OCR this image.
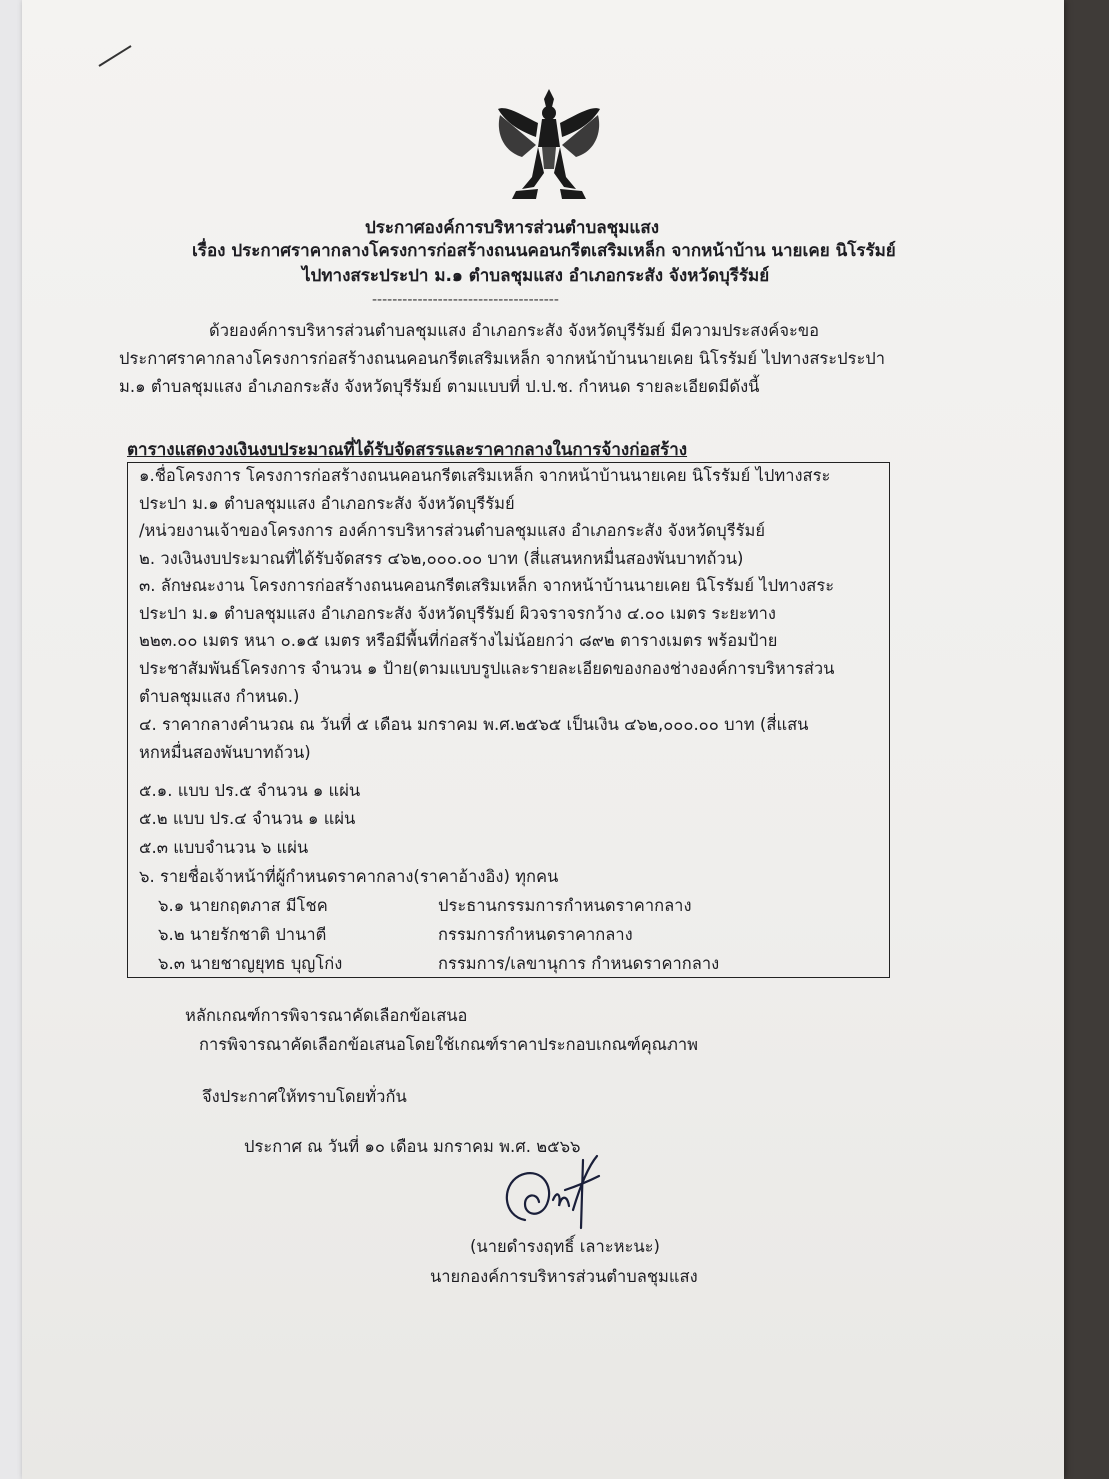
ประกาศองค์การบริหารส่วนตำบลชุมแสง
เรื่อง ประกาศราคากลางโครงการก่อสร้างถนนคอนกรีตเสริมเหล็ก จากหน้าบ้าน นายเคย นิโรรัมย์
ไปทางสระประปา ม.๑ ตำบลชุมแสง อำเภอกระสัง จังหวัดบุรีรัมย์
-------------------------------------
ด้วยองค์การบริหารส่วนตำบลชุมแสง อำเภอกระสัง จังหวัดบุรีรัมย์ มีความประสงค์จะขอ
ประกาศราคากลางโครงการก่อสร้างถนนคอนกรีตเสริมเหล็ก จากหน้าบ้านนายเคย นิโรรัมย์ ไปทางสระประปา
ม.๑ ตำบลชุมแสง อำเภอกระสัง จังหวัดบุรีรัมย์ ตามแบบที่ ป.ป.ช. กำหนด รายละเอียดมีดังนี้
ตารางแสดงวงเงินงบประมาณที่ได้รับจัดสรรและราคากลางในการจ้างก่อสร้าง
๑.ชื่อโครงการ โครงการก่อสร้างถนนคอนกรีตเสริมเหล็ก จากหน้าบ้านนายเคย นิโรรัมย์ ไปทางสระ
ประปา ม.๑ ตำบลชุมแสง อำเภอกระสัง จังหวัดบุรีรัมย์
/หน่วยงานเจ้าของโครงการ องค์การบริหารส่วนตำบลชุมแสง อำเภอกระสัง จังหวัดบุรีรัมย์
๒. วงเงินงบประมาณที่ได้รับจัดสรร ๔๖๒,๐๐๐.๐๐ บาท (สี่แสนหกหมื่นสองพันบาทถ้วน)
๓. ลักษณะงาน โครงการก่อสร้างถนนคอนกรีตเสริมเหล็ก จากหน้าบ้านนายเคย นิโรรัมย์ ไปทางสระ
ประปา ม.๑ ตำบลชุมแสง อำเภอกระสัง จังหวัดบุรีรัมย์ ผิวจราจรกว้าง ๔.๐๐ เมตร ระยะทาง
๒๒๓.๐๐ เมตร หนา ๐.๑๕ เมตร หรือมีพื้นที่ก่อสร้างไม่น้อยกว่า ๘๙๒ ตารางเมตร พร้อมป้าย
ประชาสัมพันธ์โครงการ จำนวน ๑ ป้าย(ตามแบบรูปและรายละเอียดของกองช่างองค์การบริหารส่วน
ตำบลชุมแสง กำหนด.)
๔. ราคากลางคำนวณ ณ วันที่ ๕ เดือน มกราคม พ.ศ.๒๕๖๕ เป็นเงิน ๔๖๒,๐๐๐.๐๐ บาท (สี่แสน
หกหมื่นสองพันบาทถ้วน)
๕.๑. แบบ ปร.๕ จำนวน ๑ แผ่น
๕.๒ แบบ ปร.๔ จำนวน ๑ แผ่น
๕.๓ แบบจำนวน ๖ แผ่น
๖. รายชื่อเจ้าหน้าที่ผู้กำหนดราคากลาง(ราคาอ้างอิง) ทุกคน
๖.๑ นายกฤตภาส มีโชค	ประธานกรรมการกำหนดราคากลาง
๖.๒ นายรักชาติ ปานาตี	กรรมการกำหนดราคากลาง
๖.๓ นายชาญยุทธ บุญโก่ง	กรรมการ/เลขานุการ กำหนดราคากลาง
หลักเกณฑ์การพิจารณาคัดเลือกข้อเสนอ
การพิจารณาคัดเลือกข้อเสนอโดยใช้เกณฑ์ราคาประกอบเกณฑ์คุณภาพ
จึงประกาศให้ทราบโดยทั่วกัน
ประกาศ ณ วันที่ ๑๐ เดือน มกราคม พ.ศ. ๒๕๖๖
(นายดำรงฤทธิ์ เลาะหะนะ)
นายกองค์การบริหารส่วนตำบลชุมแสง
